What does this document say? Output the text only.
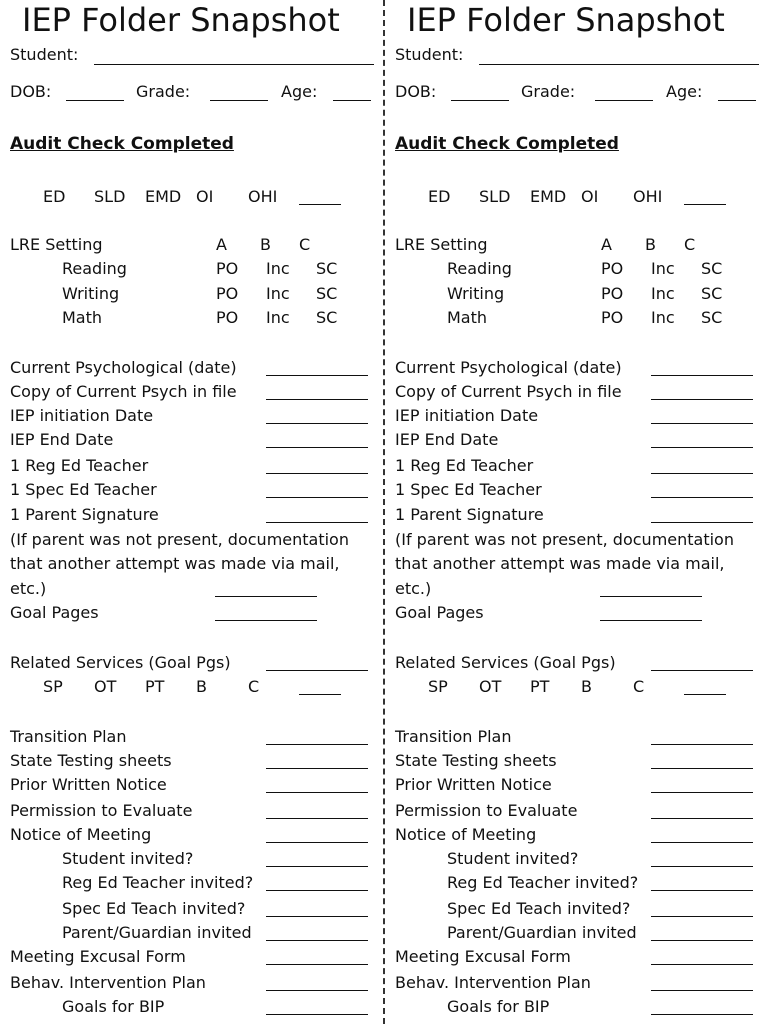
IEP Folder Snapshot
Student:
DOB:	Grade:	Age:
Audit Check Completed
ED SLD EMD OI OHI
LRE Setting	A B C
Reading	PO Inc SC
Writing	PO Inc SC
Math	PO Inc SC
Current Psychological (date)
Copy of Current Psych in file
IEP initiation Date
IEP End Date
1 Reg Ed Teacher
1 Spec Ed Teacher
1 Parent Signature
(If parent was not present, documentation
that another attempt was made via mail,
etc.)
Goal Pages
Related Services (Goal Pgs)
SP OT PT B	C
Transition Plan
State Testing sheets
Prior Written Notice
Permission to Evaluate
Notice of Meeting
Student invited?
Reg Ed Teacher invited?
Spec Ed Teach invited?
Parent/Guardian invited
Meeting Excusal Form
Behav. Intervention Plan
Goals for BIP
IEP Folder Snapshot
Student:
DOB:	Grade:	Age:
Audit Check Completed
ED SLD EMD OI OHI
LRE Setting	A B C
Reading	PO Inc SC
Writing	PO Inc SC
Math	PO Inc SC
Current Psychological (date)
Copy of Current Psych in file
IEP initiation Date
IEP End Date
1 Reg Ed Teacher
1 Spec Ed Teacher
1 Parent Signature
(If parent was not present, documentation
that another attempt was made via mail,
etc.)
Goal Pages
Related Services (Goal Pgs)
SP OT PT B	C
Transition Plan
State Testing sheets
Prior Written Notice
Permission to Evaluate
Notice of Meeting
Student invited?
Reg Ed Teacher invited?
Spec Ed Teach invited?
Parent/Guardian invited
Meeting Excusal Form
Behav. Intervention Plan
Goals for BIP
